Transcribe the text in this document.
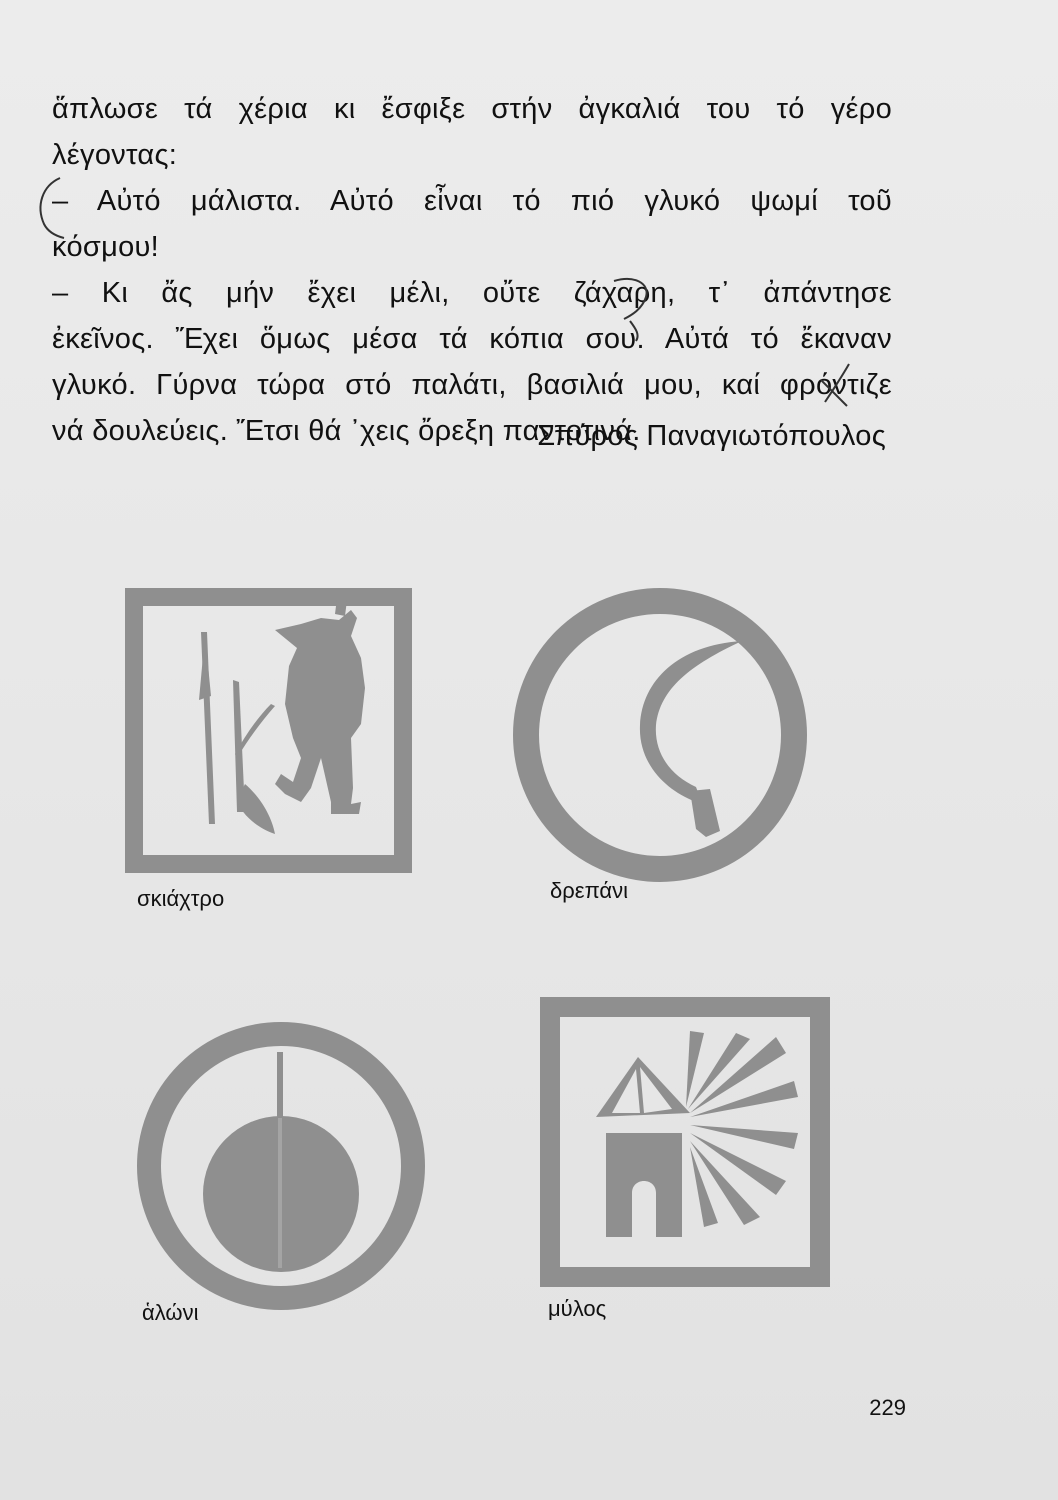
ἅπλωσε τά χέρια κι ἔσφιξε στήν ἀγκαλιά του τό γέρο
λέγοντας:
– Αὐτό μάλιστα. Αὐτό εἶναι τό πιό γλυκό ψωμί τοῦ
κόσμου!
– Κι ἄς μήν ἔχει μέλι, οὔτε ζάχαρη, τ᾿ ἀπάντησε
ἐκεῖνος. Ἔχει ὅμως μέσα τά κόπια σου. Αὐτά τό ἔκαναν
γλυκό. Γύρνα τώρα στό παλάτι, βασιλιά μου, καί φρόντιζε
νά δουλεύεις. Ἔτσι θά ᾿χεις ὄρεξη παντοτινά.
Σπύρος Παναγιωτόπουλος
σκιάχτρο	δρεπάνι
ἁλώνι	μύλος
229
